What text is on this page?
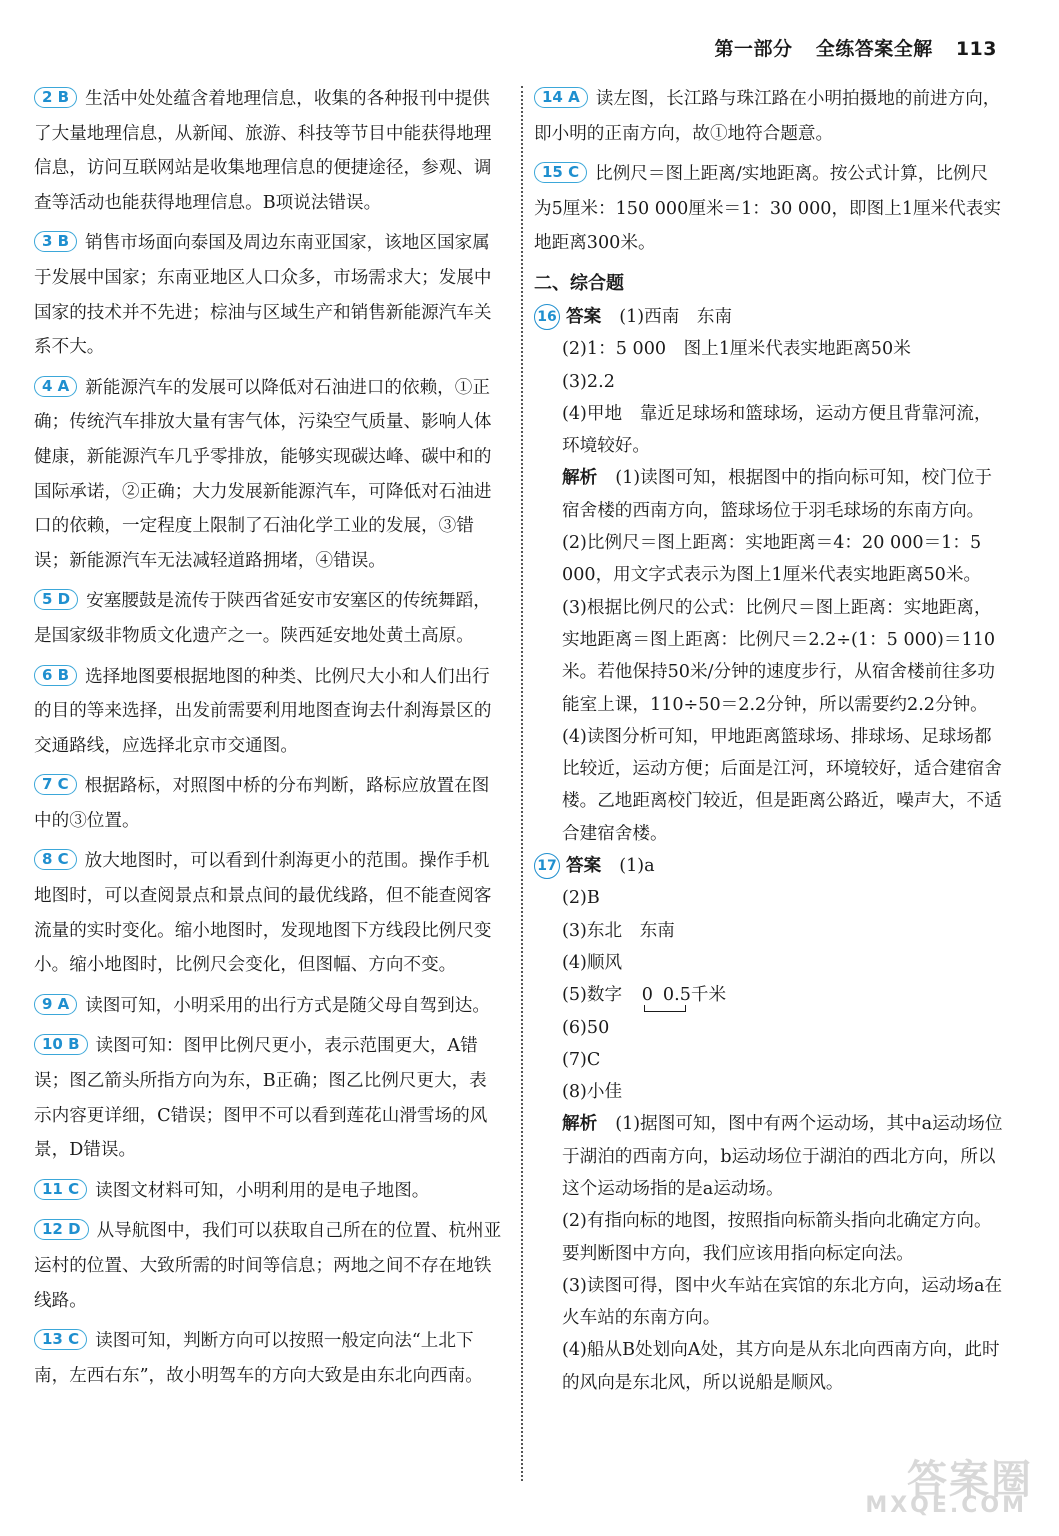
第一部分 全练答案全解 113

2 B 生活中处处蕴含着地理信息，收集的各种报刊中提供了大量地理信息，从新闻、旅游、科技等节目中能获得地理信息，访问互联网站是收集地理信息的便捷途径，参观、调查等活动也能获得地理信息。B项说法错误。

3 B 销售市场面向泰国及周边东南亚国家，该地区国家属于发展中国家；东南亚地区人口众多，市场需求大；发展中国家的技术并不先进；棕油与区域生产和销售新能源汽车关系不大。

4 A 新能源汽车的发展可以降低对石油进口的依赖，①正确；传统汽车排放大量有害气体，污染空气质量、影响人体健康，新能源汽车几乎零排放，能够实现碳达峰、碳中和的国际承诺，②正确；大力发展新能源汽车，可降低对石油进口的依赖，一定程度上限制了石油化学工业的发展，③错误；新能源汽车无法减轻道路拥堵，④错误。

5 D 安塞腰鼓是流传于陕西省延安市安塞区的传统舞蹈，是国家级非物质文化遗产之一。陕西延安地处黄土高原。

6 B 选择地图要根据地图的种类、比例尺大小和人们出行的目的等来选择，出发前需要利用地图查询去什刹海景区的交通路线，应选择北京市交通图。

7 C 根据路标，对照图中桥的分布判断，路标应放置在图中的③位置。

8 C 放大地图时，可以看到什刹海更小的范围。操作手机地图时，可以查阅景点和景点间的最优线路，但不能查阅客流量的实时变化。缩小地图时，发现地图下方线段比例尺变小。缩小地图时，比例尺会变化，但图幅、方向不变。

9 A 读图可知，小明采用的出行方式是随父母自驾到达。

10 B 读图可知：图甲比例尺更小，表示范围更大，A错误；图乙箭头所指方向为东，B正确；图乙比例尺更大，表示内容更详细，C错误；图甲不可以看到莲花山滑雪场的风景，D错误。

11 C 读图文材料可知，小明利用的是电子地图。

12 D 从导航图中，我们可以获取自己所在的位置、杭州亚运村的位置、大致所需的时间等信息；两地之间不存在地铁线路。

13 C 读图可知，判断方向可以按照一般定向法“上北下南，左西右东”，故小明驾车的方向大致是由东北向西南。

14 A 读左图，长江路与珠江路在小明拍摄地的前进方向，即小明的正南方向，故①地符合题意。

15 C 比例尺＝图上距离/实地距离。按公式计算，比例尺为5厘米：150 000厘米＝1：30 000，即图上1厘米代表实地距离300米。

二、综合题
16 答案 (1)西南　东南
(2)1：5 000　图上1厘米代表实地距离50米
(3)2.2
(4)甲地　靠近足球场和篮球场，运动方便且背靠河流，环境较好。
解析 (1)读图可知，根据图中的指向标可知，校门位于宿舍楼的西南方向，篮球场位于羽毛球场的东南方向。
(2)比例尺＝图上距离：实地距离＝4：20 000＝1：5 000，用文字式表示为图上1厘米代表实地距离50米。
(3)根据比例尺的公式：比例尺＝图上距离：实地距离，实地距离＝图上距离：比例尺＝2.2÷(1：5 000)＝110米。若他保持50米/分钟的速度步行，从宿舍楼前往多功能室上课，110÷50＝2.2分钟，所以需要约2.2分钟。
(4)读图分析可知，甲地距离篮球场、排球场、足球场都比较近，运动方便；后面是江河，环境较好，适合建宿舍楼。乙地距离校门较近，但是距离公路近，噪声大，不适合建宿舍楼。
17 答案 (1)a
(2)B
(3)东北　东南
(4)顺风
(5)数字 0 0.5千米
(6)50
(7)C
(8)小佳
解析 (1)据图可知，图中有两个运动场，其中a运动场位于湖泊的西南方向，b运动场位于湖泊的西北方向，所以这个运动场指的是a运动场。
(2)有指向标的地图，按照指向标箭头指向北确定方向。要判断图中方向，我们应该用指向标定向法。
(3)读图可得，图中火车站在宾馆的东北方向，运动场a在火车站的东南方向。
(4)船从B处划向A处，其方向是从东北向西南方向，此时的风向是东北风，所以说船是顺风。
答案圈
MXQE.COM
